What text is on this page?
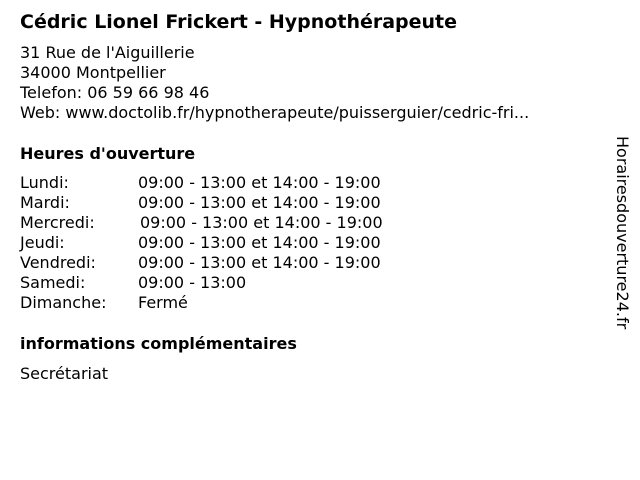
Cédric Lionel Frickert - Hypnothérapeute
31 Rue de l'Aiguillerie
34000 Montpellier
Telefon: 06 59 66 98 46
Web: www.doctolib.fr/hypnotherapeute/puisserguier/cedric-fri...
Heures d'ouverture
Lundi:	09:00 - 13:00 et 14:00 - 19:00
Mardi:	09:00 - 13:00 et 14:00 - 19:00
Mercredi:	09:00 - 13:00 et 14:00 - 19:00
Jeudi:	09:00 - 13:00 et 14:00 - 19:00
Vendredi:	09:00 - 13:00 et 14:00 - 19:00
Samedi:	09:00 - 13:00
Dimanche:	Fermé
informations complémentaires
Secrétariat
Horairesdouverture24.fr
